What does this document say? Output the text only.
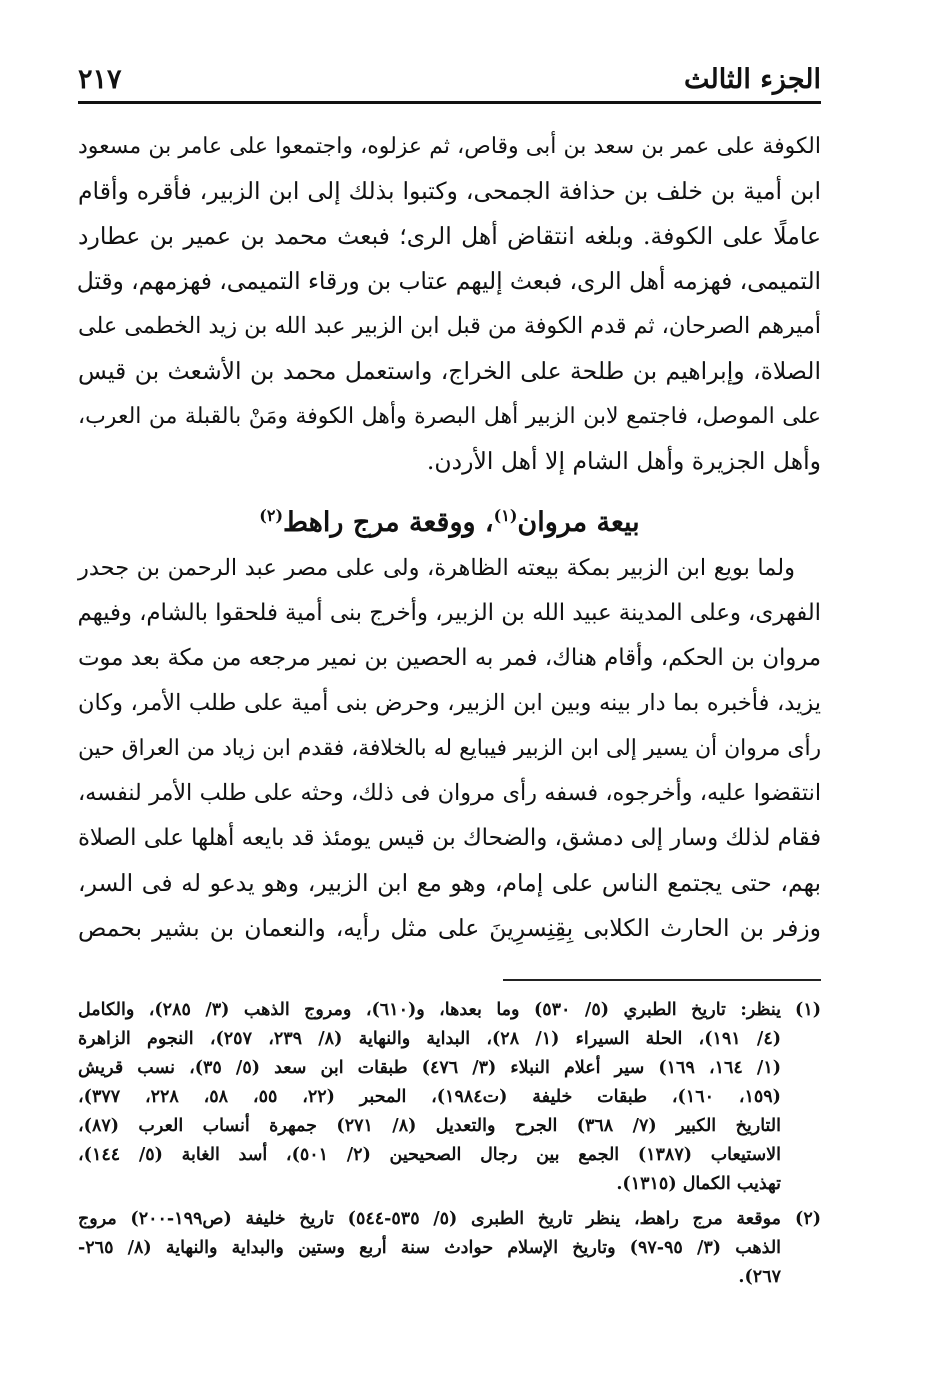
الجزء الثالث
٢١٧
الكوفة على عمر بن سعد بن أبى وقاص، ثم عزلوه، واجتمعوا على عامر بن مسعود
ابن أمية بن خلف بن حذافة الجمحى، وكتبوا بذلك إلى ابن الزبير، فأقره وأقام
عاملًا على الكوفة. وبلغه انتقاض أهل الرى؛ فبعث محمد بن عمير بن عطارد
التميمى، فهزمه أهل الرى، فبعث إليهم عتاب بن ورقاء التميمى، فهزمهم، وقتل
أميرهم الصرحان، ثم قدم الكوفة من قبل ابن الزبير عبد الله بن زيد الخطمى على
الصلاة، وإبراهيم بن طلحة على الخراج، واستعمل محمد بن الأشعث بن قيس
على الموصل، فاجتمع لابن الزبير أهل البصرة وأهل الكوفة ومَنْ بالقبلة من العرب،
وأهل الجزيرة وأهل الشام إلا أهل الأردن.
بيعة مروان$^{(١)}$، ووقعة مرج راهط$^{(٢)}$
ولما بويع ابن الزبير بمكة بيعته الظاهرة، ولى على مصر عبد الرحمن بن جحدر
الفهرى، وعلى المدينة عبيد الله بن الزبير، وأخرج بنى أمية فلحقوا بالشام، وفيهم
مروان بن الحكم، وأقام هناك، فمر به الحصين بن نمير مرجعه من مكة بعد موت
يزيد، فأخبره بما دار بينه وبين ابن الزبير، وحرض بنى أمية على طلب الأمر، وكان
رأى مروان أن يسير إلى ابن الزبير فيبايع له بالخلافة، فقدم ابن زياد من العراق حين
انتقضوا عليه، وأخرجوه، فسفه رأى مروان فى ذلك، وحثه على طلب الأمر لنفسه،
فقام لذلك وسار إلى دمشق، والضحاك بن قيس يومئذ قد بايعه أهلها على الصلاة
بهم، حتى يجتمع الناس على إمام، وهو مع ابن الزبير، وهو يدعو له فى السر،
وزفر بن الحارث الكلابى بِقِنِسرِينَ على مثل رأيه، والنعمان بن بشير بحمص
(١)
ينظر: تاريخ الطبري (٥/ ٥٣٠) وما بعدها، و(٦١٠)، ومروج الذهب (٣/ ٢٨٥)، والكامل
(٤/ ١٩١)، الحلة السيراء (١/ ٢٨)، البداية والنهاية (٨/ ٢٣٩، ٢٥٧)، النجوم الزاهرة
(١/ ١٦٤، ١٦٩) سير أعلام النبلاء (٣/ ٤٧٦) طبقات ابن سعد (٥/ ٣٥)، نسب قريش
(١٥٩، ١٦٠)، طبقات خليفة (ت١٩٨٤)، المحبر (٢٢، ٥٥، ٥٨، ٢٢٨، ٣٧٧)،
التاريخ الكبير (٧/ ٣٦٨) الجرح والتعديل (٨/ ٢٧١) جمهرة أنساب العرب (٨٧)،
الاستيعاب (١٣٨٧) الجمع بين رجال الصحيحين (٢/ ٥٠١)، أسد الغابة (٥/ ١٤٤)،
تهذيب الكمال (١٣١٥).
(٢)
موقعة مرج راهط، ينظر تاريخ الطبرى (٥/ ٥٣٥-٥٤٤) تاريخ خليفة (ص١٩٩-٢٠٠) مروج
الذهب (٣/ ٩٥-٩٧) وتاريخ الإسلام حوادث سنة أربع وستين والبداية والنهاية (٨/ ٢٦٥-
٢٦٧).
